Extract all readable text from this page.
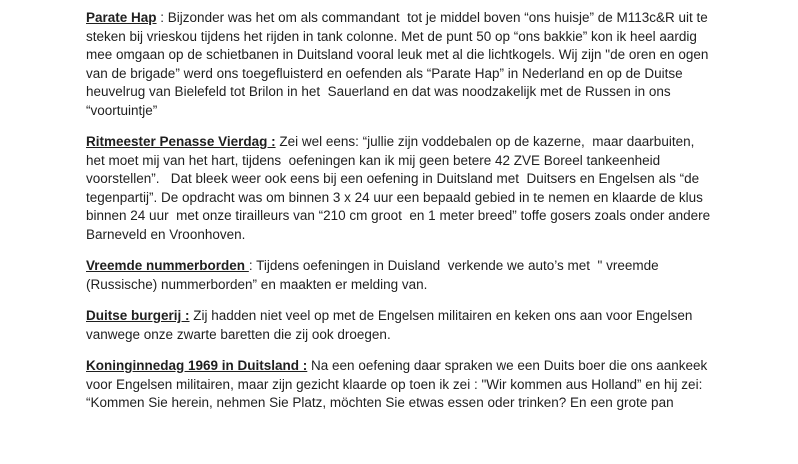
Parate Hap : Bijzonder was het om als commandant  tot je middel boven “ons huisje” de M113c&R uit te steken bij vrieskou tijdens het rijden in tank colonne. Met de punt 50 op “ons bakkie” kon ik heel aardig mee omgaan op de schietbanen in Duitsland vooral leuk met al die lichtkogels. Wij zijn "de oren en ogen van de brigade” werd ons toegefluisterd en oefenden als “Parate Hap” in Nederland en op de Duitse heuvelrug van Bielefeld tot Brilon in het  Sauerland en dat was noodzakelijk met de Russen in ons “voortuintje”

Ritmeester Penasse Vierdag : Zei wel eens: “jullie zijn voddebalen op de kazerne,  maar daarbuiten, het moet mij van het hart, tijdens  oefeningen kan ik mij geen betere 42 ZVE Boreel tankeenheid voorstellen”.   Dat bleek weer ook eens bij een oefening in Duitsland met  Duitsers en Engelsen als “de tegenpartij”. De opdracht was om binnen 3 x 24 uur een bepaald gebied in te nemen en klaarde de klus binnen 24 uur  met onze tirailleurs van “210 cm groot  en 1 meter breed” toffe gosers zoals onder andere Barneveld en Vroonhoven.

Vreemde nummerborden : Tijdens oefeningen in Duisland  verkende we auto’s met  " vreemde (Russische) nummerborden” en maakten er melding van.

Duitse burgerij : Zij hadden niet veel op met de Engelsen militairen en keken ons aan voor Engelsen vanwege onze zwarte baretten die zij ook droegen.

Koninginnedag 1969 in Duitsland : Na een oefening daar spraken we een Duits boer die ons aankeek voor Engelsen militairen, maar zijn gezicht klaarde op toen ik zei : "Wir kommen aus Holland” en hij zei: “Kommen Sie herein, nehmen Sie Platz, möchten Sie etwas essen oder trinken? En een grote pan
